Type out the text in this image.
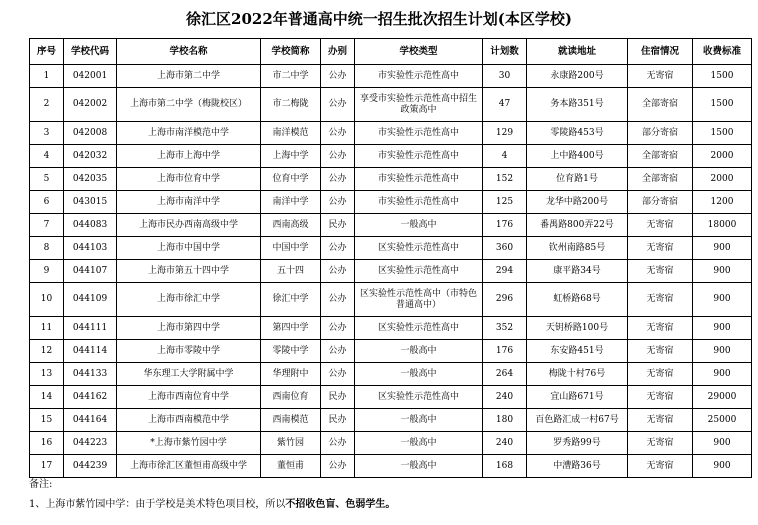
徐汇区2022年普通高中统一招生批次招生计划(本区学校)
序号	学校代码	学校名称	学校简称	办别	学校类型	计划数	就读地址	住宿情况	收费标准
1	042001	上海市第二中学	市二中学	公办	市实验性示范性高中	30	永康路200号	无寄宿	1500
2	042002	上海市第二中学（梅陇校区）	市二梅陇	公办	享受市实验性示范性高中招生政策高中	47	务本路351号	全部寄宿	1500
3	042008	上海市南洋模范中学	南洋模范	公办	市实验性示范性高中	129	零陵路453号	部分寄宿	1500
4	042032	上海市上海中学	上海中学	公办	市实验性示范性高中	4	上中路400号	全部寄宿	2000
5	042035	上海市位育中学	位育中学	公办	市实验性示范性高中	152	位育路1号	全部寄宿	2000
6	043015	上海市南洋中学	南洋中学	公办	市实验性示范性高中	125	龙华中路200号	部分寄宿	1200
7	044083	上海市民办西南高级中学	西南高级	民办	一般高中	176	番禺路800弄22号	无寄宿	18000
8	044103	上海市中国中学	中国中学	公办	区实验性示范性高中	360	钦州南路85号	无寄宿	900
9	044107	上海市第五十四中学	五十四	公办	区实验性示范性高中	294	康平路34号	无寄宿	900
10	044109	上海市徐汇中学	徐汇中学	公办	区实验性示范性高中（市特色普通高中）	296	虹桥路68号	无寄宿	900
11	044111	上海市第四中学	第四中学	公办	区实验性示范性高中	352	天钥桥路100号	无寄宿	900
12	044114	上海市零陵中学	零陵中学	公办	一般高中	176	东安路451号	无寄宿	900
13	044133	华东理工大学附属中学	华理附中	公办	一般高中	264	梅陇十村76号	无寄宿	900
14	044162	上海市西南位育中学	西南位育	民办	区实验性示范性高中	240	宜山路671号	无寄宿	29000
15	044164	上海市西南模范中学	西南模范	民办	一般高中	180	百色路汇成一村67号	无寄宿	25000
16	044223	*上海市紫竹园中学	紫竹园	公办	一般高中	240	罗秀路99号	无寄宿	900
17	044239	上海市徐汇区董恒甫高级中学	董恒甫	公办	一般高中	168	中漕路36号	无寄宿	900
备注:
1、上海市紫竹园中学：由于学校是美术特色项目校，所以不招收色盲、色弱学生。
